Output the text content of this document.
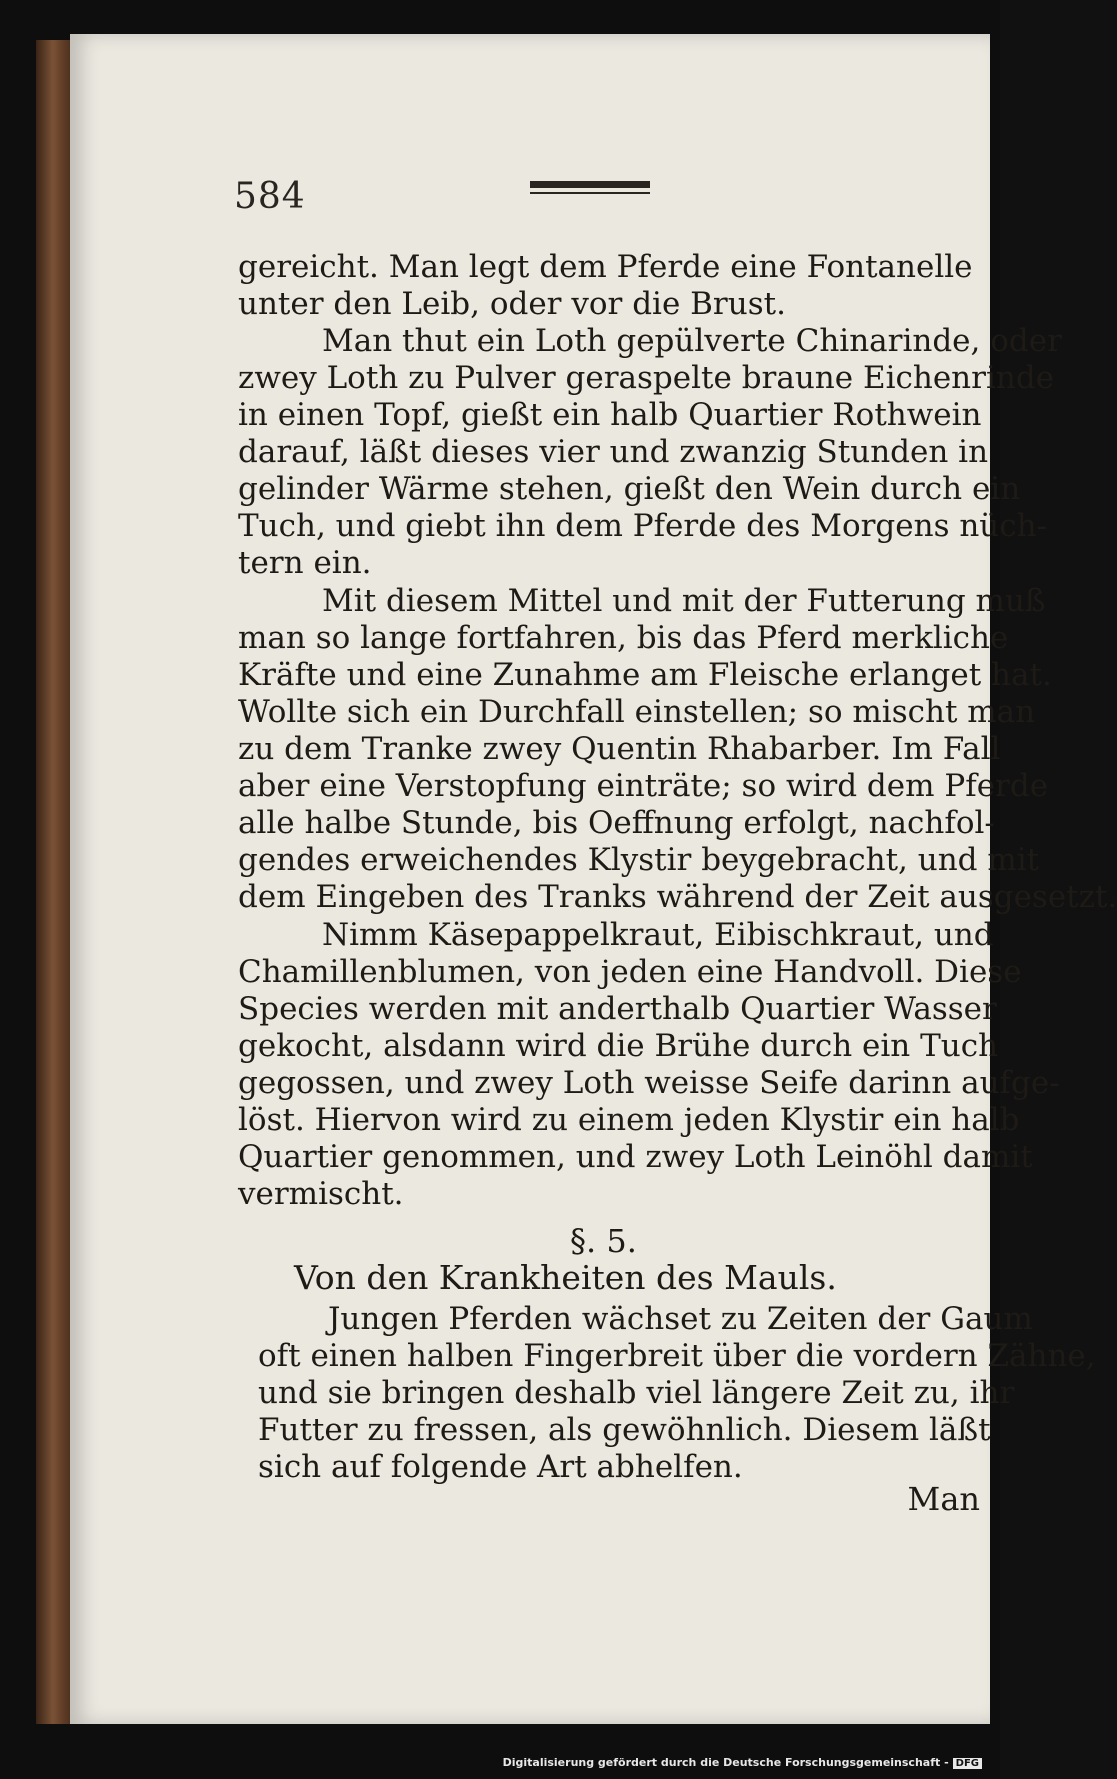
584
gereicht. Man legt dem Pferde eine Fontanelle
unter den Leib, oder vor die Brust.
Man thut ein Loth gepülverte Chinarinde, oder
zwey Loth zu Pulver geraspelte braune Eichenrinde
in einen Topf, gießt ein halb Quartier Rothwein
darauf, läßt dieses vier und zwanzig Stunden in
gelinder Wärme stehen, gießt den Wein durch ein
Tuch, und giebt ihn dem Pferde des Morgens nüch-
tern ein.
Mit diesem Mittel und mit der Futterung muß
man so lange fortfahren, bis das Pferd merkliche
Kräfte und eine Zunahme am Fleische erlanget hat.
Wollte sich ein Durchfall einstellen; so mischt man
zu dem Tranke zwey Quentin Rhabarber. Im Fall
aber eine Verstopfung einträte; so wird dem Pferde
alle halbe Stunde, bis Oeffnung erfolgt, nachfol-
gendes erweichendes Klystir beygebracht, und mit
dem Eingeben des Tranks während der Zeit ausgesetzt.
Nimm Käsepappelkraut, Eibischkraut, und
Chamillenblumen, von jeden eine Handvoll. Diese
Species werden mit anderthalb Quartier Wasser
gekocht, alsdann wird die Brühe durch ein Tuch
gegossen, und zwey Loth weisse Seife darinn aufge-
löst. Hiervon wird zu einem jeden Klystir ein halb
Quartier genommen, und zwey Loth Leinöhl damit
vermischt.
§. 5.
Von den Krankheiten des Mauls.
Jungen Pferden wächset zu Zeiten der Gaum
oft einen halben Fingerbreit über die vordern Zähne,
und sie bringen deshalb viel längere Zeit zu, ihr
Futter zu fressen, als gewöhnlich. Diesem läßt
sich auf folgende Art abhelfen.
Man
Digitalisierung gefördert durch die Deutsche Forschungsgemeinschaft - DFG
